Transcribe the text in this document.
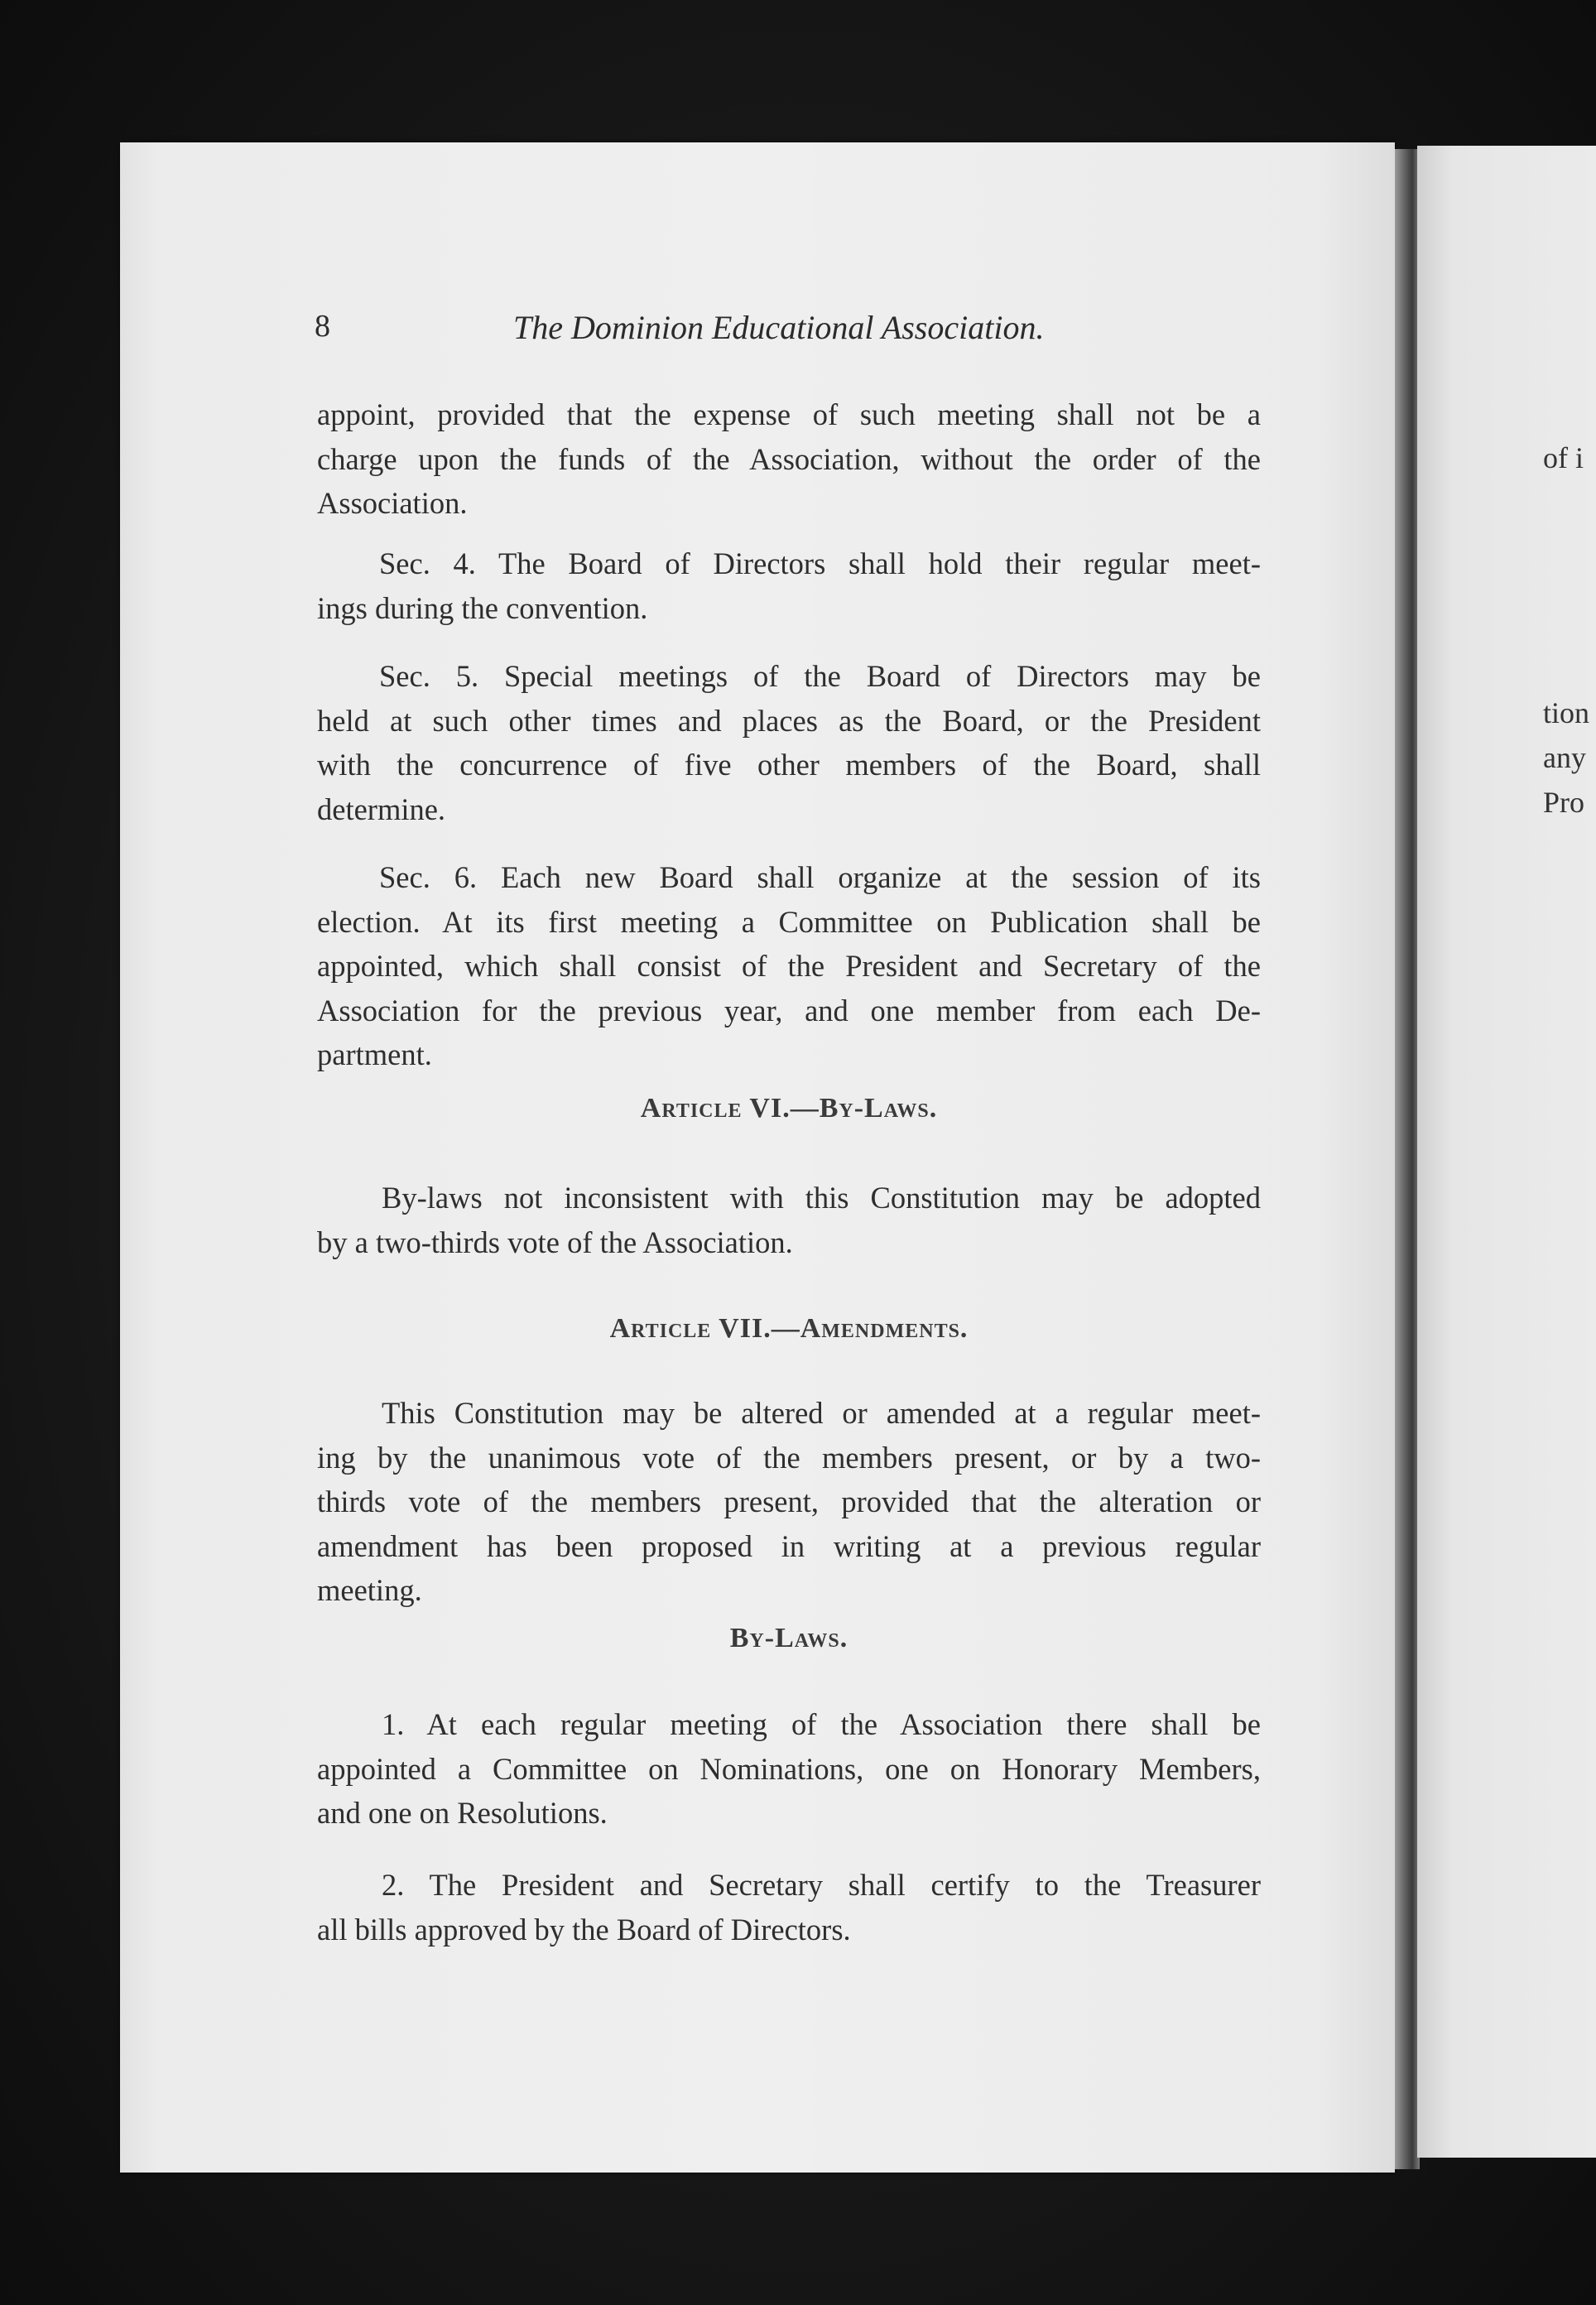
of i
tion
any
Pro
8	The Dominion Educational Association.

appoint, provided that the expense of such meeting shall not be a
charge upon the funds of the Association, without the order of the
Association.

Sec. 4. The Board of Directors shall hold their regular meet-
ings during the convention.

Sec. 5. Special meetings of the Board of Directors may be
held at such other times and places as the Board, or the President
with the concurrence of five other members of the Board, shall
determine.

Sec. 6. Each new Board shall organize at the session of its
election. At its first meeting a Committee on Publication shall be
appointed, which shall consist of the President and Secretary of the
Association for the previous year, and one member from each De-
partment.

Article VI.—By-Laws.

By-laws not inconsistent with this Constitution may be adopted
by a two-thirds vote of the Association.

Article VII.—Amendments.

This Constitution may be altered or amended at a regular meet-
ing by the unanimous vote of the members present, or by a two-
thirds vote of the members present, provided that the alteration or
amendment has been proposed in writing at a previous regular
meeting.

By-Laws.

1. At each regular meeting of the Association there shall be
appointed a Committee on Nominations, one on Honorary Members,
and one on Resolutions.

2. The President and Secretary shall certify to the Treasurer
all bills approved by the Board of Directors.
